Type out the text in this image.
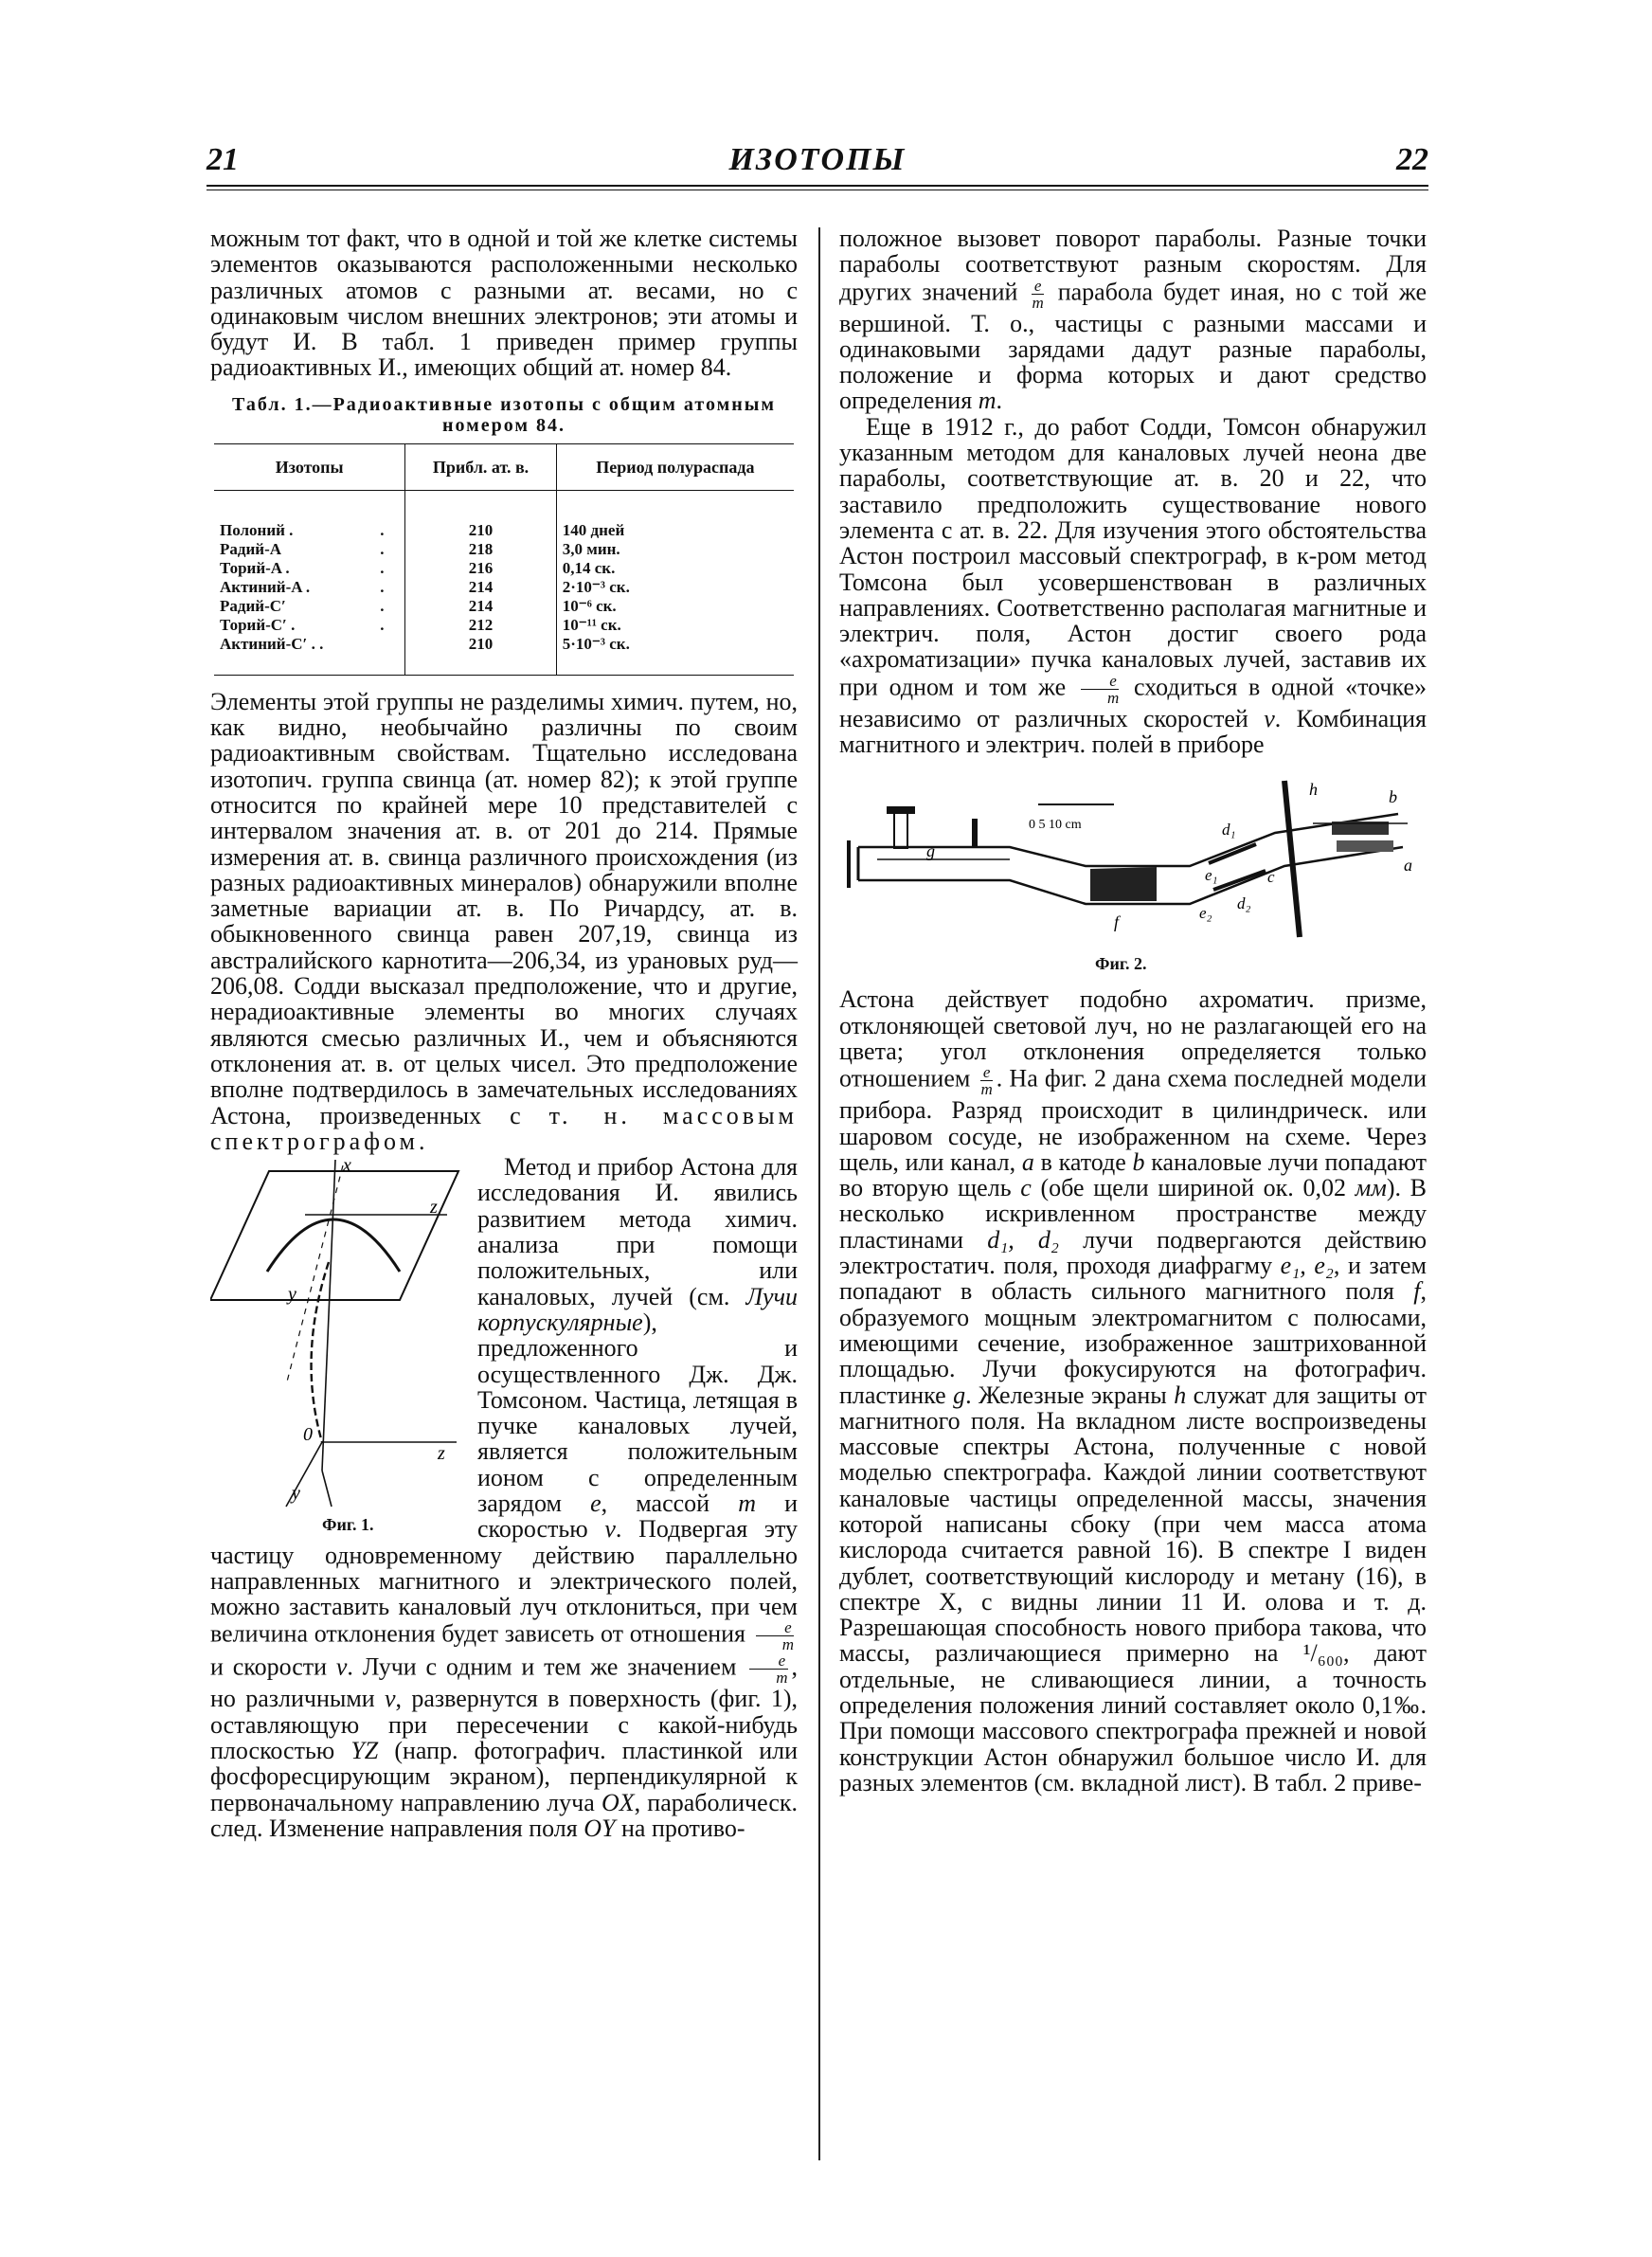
21	ИЗОТОПЫ	22

можным тот факт, что в одной и той же клетке системы элементов оказываются расположенными несколько различных атомов с разными ат. весами, но с одинаковым числом внешних электронов; эти атомы и будут И. В табл. 1 приведен пример группы радиоактивных И., имеющих общий ат. номер 84.

Табл. 1.—Радиоактивные изотопы с общим атомным номером 84.
Изотопы		Прибл. ат. в.	Период полураспада
Полоний .	.	210	140 дней
Радий-A	.	218	3,0 мин.
Торий-A .	.	216	0,14 ск.
Актиний-A .	.	214	2·10⁻³ ск.
Радий-C′	.	214	10⁻⁶ ск.
Торий-C′ .	.	212	10⁻¹¹ ск.
Актиний-C′ . .		210	5·10⁻³ ск.

Элементы этой группы не разделимы химич. путем, но, как видно, необычайно различны по своим радиоактивным свойствам. Тщательно исследована изотопич. группа свинца (ат. номер 82); к этой группе относится по крайней мере 10 представителей с интервалом значения ат. в. от 201 до 214. Прямые измерения ат. в. свинца различного происхождения (из разных радиоактивных минералов) обнаружили вполне заметные вариации ат. в. По Ричардсу, ат. в. обыкновенного свинца равен 207,19, свинца из австралийского карнотита—206,34, из урановых руд—206,08. Содди высказал предположение, что и другие, нерадиоактивные элементы во многих случаях являются смесью различных И., чем и объясняются отклонения ат. в. от целых чисел. Это предположение вполне подтвердилось в замечательных исследованиях Астона, произведенных с т. н. массовым спектрографом.

x
z
y
0
z
y
Фиг. 1.
Метод и прибор Астона для исследования И. явились развитием метода химич. анализа при помощи положительных, или каналовых, лучей (см. Лучи корпускулярные), предложенного и осуществленного Дж. Дж. Томсоном. Частица, летящая в пучке каналовых лучей, является положительным ионом с определенным зарядом e, массой m и скоростью v. Подвергая эту частицу одновременному действию параллельно направленных магнитного и электрического полей, можно заставить каналовый луч отклониться, при чем величина отклонения будет зависеть от отношения $\frac{e}{m}$
и скорости v. Лучи с одним и тем же значением $\frac{e}{m}$ , но различными v, развернутся в поверхность (фиг. 1), оставляющую при пересечении с какой-нибудь плоскостью YZ (напр. фотографич. пластинкой или фосфоресцирующим экраном), перпендикулярной к первоначальному направлению луча OX, параболическ. след. Изменение направления поля OY на противо-

положное вызовет поворот параболы. Разные точки параболы соответствуют разным скоростям. Для других значений $\frac{e}{m}$ парабола будет иная, но с той же вершиной. Т. о., частицы с разными массами и одинаковыми зарядами дадут разные параболы, положение и форма которых и дают средство определения m.

Еще в 1912 г., до работ Содди, Томсон обнаружил указанным методом для каналовых лучей неона две параболы, соответствующие ат. в. 20 и 22, что заставило предположить существование нового элемента с ат. в. 22. Для изучения этого обстоятельства Астон построил массовый спектрограф, в к-ром метод Томсона был усовершенствован в различных направлениях. Соответственно располагая магнитные и электрич. поля, Астон достиг своего рода «ахроматизации» пучка каналовых лучей, заставив их при одном и том же $\frac{e}{m}$ сходиться в одной «точке» независимо от различных скоростей v. Комбинация магнитного и электрич. полей в приборе

0 5 10 cm
h	b
a
d₁
d₂
c
e₁
e₂
f
g
Фиг. 2.

Астона действует подобно ахроматич. призме, отклоняющей световой луч, но не разлагающей его на цвета; угол отклонения определяется только отношением $\frac{e}{m}$ . На фиг. 2 дана схема последней модели прибора. Разряд происходит в цилиндрическ. или шаровом сосуде, не изображенном на схеме. Через щель, или канал, a в катоде b каналовые лучи попадают во вторую щель c (обе щели шириной ок. 0,02 мм). В несколько искривленном пространстве между пластинами d₁, d₂ лучи подвергаются действию электростатич. поля, проходя диафрагму e₁, e₂, и затем попадают в область сильного магнитного поля f, образуемого мощным электромагнитом с полюсами, имеющими сечение, изображенное заштрихованной площадью. Лучи фокусируются на фотографич. пластинке g. Железные экраны h служат для защиты от магнитного поля. На вкладном листе воспроизведены массовые спектры Астона, полученные с новой моделью спектрографа. Каждой линии соответствуют каналовые частицы определенной массы, значения которой написаны сбоку (при чем масса атома кислорода считается равной 16). В спектре I виден дублет, соответствующий кислороду и метану (16), в спектре X, с видны линии 11 И. олова и т. д. Разрешающая способность нового прибора такова, что массы, различающиеся примерно на ¹/₆₀₀, дают отдельные, не сливающиеся линии, а точность определения положения линий составляет около 0,1‰. При помощи массового спектрографа прежней и новой конструкции Астон обнаружил большое число И. для разных элементов (см. вкладной лист). В табл. 2 приве-
